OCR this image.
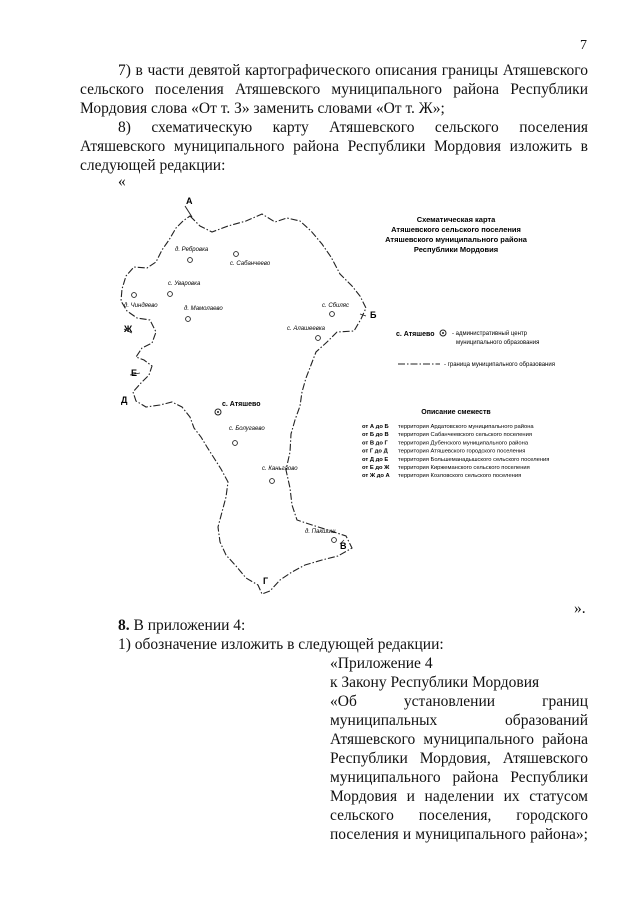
7

7) в части девятой картографического описания границы Атяшевского

сельского поселения Атяшевского муниципального района Республики

Мордовия слова «От т. З» заменить словами «От т. Ж»;

8) схематическую карту Атяшевского сельского поселения

Атяшевского муниципального района Республики Мордовия изложить в

следующей редакции:

«

А
Б
В
Г
Д
Е
Ж
д. Ребровка
с. Сабанчеево
с. Уваровка
д. Чиндяево	д. Мамолаево	с. Сбиляс
с. Алашеевка
с. Атяшево
с. Болугаево
с. Каньгаово
д. Пакшиш
Схематическая карта
Атяшевского сельского поселения
Атяшевского муниципального района
Республики Мордовия
с. Атяшево	- административный центр
муниципального образования
- граница муниципального образования
Описание смежеств
от А до Б территория Ардатовского муниципального района
от Б до В территория Сабанчеевского сельского поселения
от В до Г территория Дубенского муниципального района
от Г до Д территория Атяшевского городского поселения
от Д до Е территория Большеманадышского сельского поселения
от Е до Ж территория Киржеманского сельского поселения
от Ж до А территория Козловского сельского поселения

».

8. В приложении 4:

1) обозначение изложить в следующей редакции:

«Приложение 4

к Закону Республики Мордовия

«Об установлении границ

муниципальных образований

Атяшевского муниципального района

Республики Мордовия, Атяшевского

муниципального района Республики

Мордовия и наделении их статусом

сельского поселения, городского

поселения и муниципального района»;
